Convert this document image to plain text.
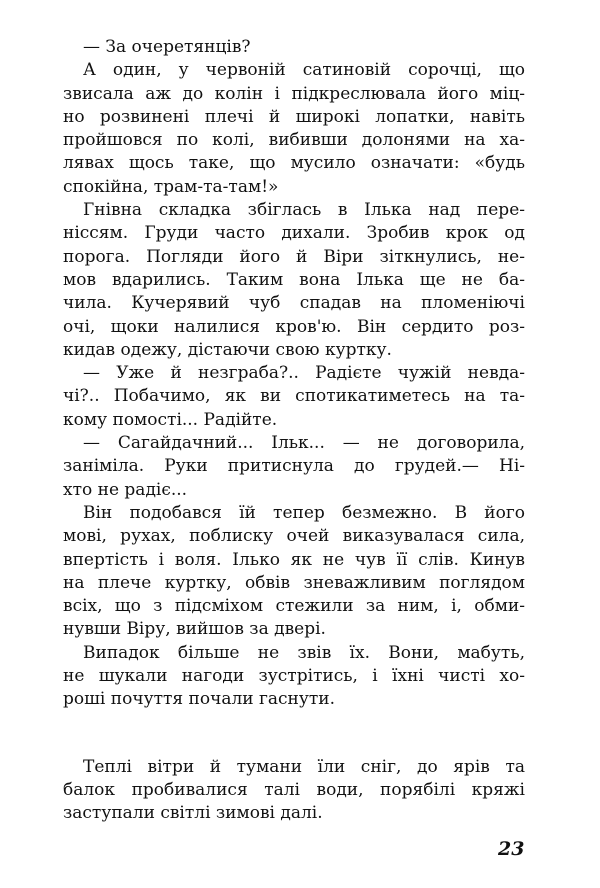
— За очеретянців?
А один, у червоній сатиновій сорочці, що
звисала аж до колін і підкреслювала його міц-
но розвинені плечі й широкі лопатки, навіть
пройшовся по колі, вибивши долонями на ха-
лявах щось таке, що мусило означати: «будь
спокійна, трам-та-там!»
Гнівна складка збіглась в Ілька над пере-
ніссям. Груди часто дихали. Зробив крок од
порога. Погляди його й Віри зіткнулись, не-
мов вдарились. Таким вона Ілька ще не ба-
чила. Кучерявий чуб спадав на пломеніючі
очі, щоки налилися кров'ю. Він сердито роз-
кидав одежу, дістаючи свою куртку.
— Уже й незграба?.. Радієте чужій невда-
чі?.. Побачимо, як ви спотикатиметесь на та-
кому помості... Радійте.
— Сагайдачний... Ільк... — не договорила,
заніміла. Руки притиснула до грудей.— Ні-
хто не радіє...
Він подобався їй тепер безмежно. В його
мові, рухах, поблиску очей виказувалася сила,
впертість і воля. Ілько як не чув її слів. Кинув
на плече куртку, обвів зневажливим поглядом
всіх, що з підсміхом стежили за ним, і, обми-
нувши Віру, вийшов за двері.
Випадок більше не звів їх. Вони, мабуть,
не шукали нагоди зустрітись, і їхні чисті хо-
роші почуття почали гаснути.
Теплі вітри й тумани їли сніг, до ярів та
балок пробивалися талі води, порябілі кряжі
заступали світлі зимові далі.
23
